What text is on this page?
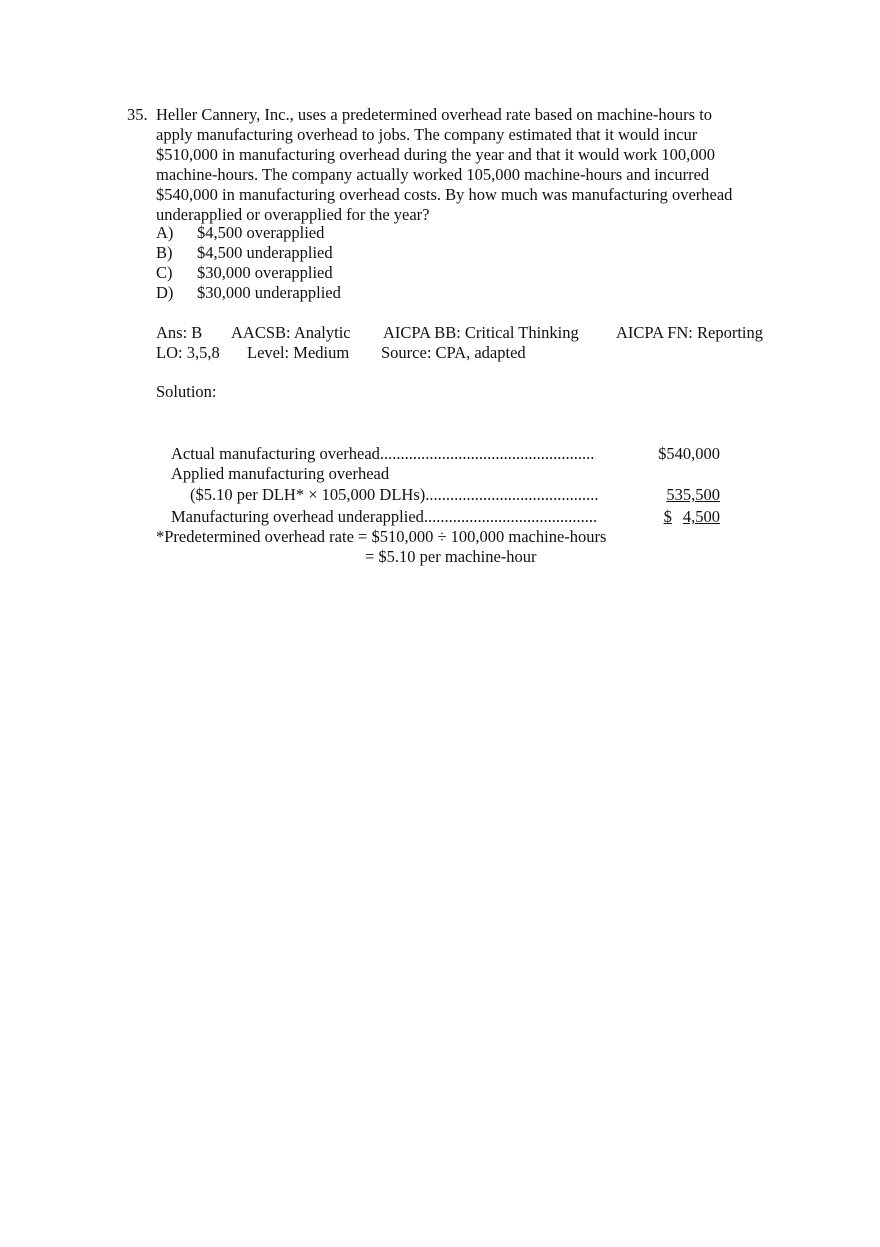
35. Heller Cannery, Inc., uses a predetermined overhead rate based on machine-hours to
apply manufacturing overhead to jobs. The company estimated that it would incur
$510,000 in manufacturing overhead during the year and that it would work 100,000
machine-hours. The company actually worked 105,000 machine-hours and incurred
$540,000 in manufacturing overhead costs. By how much was manufacturing overhead
underapplied or overapplied for the year?
A) $4,500 overapplied
B) $4,500 underapplied
C) $30,000 overapplied
D) $30,000 underapplied
Ans: B AACSB: Analytic AICPA BB: Critical Thinking AICPA FN: Reporting
LO: 3,5,8 Level: Medium Source: CPA, adapted
Solution:
Actual manufacturing overhead....................................................	$540,000
Applied manufacturing overhead
($5.10 per DLH* × 105,000 DLHs)..........................................	535,500
Manufacturing overhead underapplied..........................................	$ 4,500
*Predetermined overhead rate = $510,000 ÷ 100,000 machine-hours
= $5.10 per machine-hour
